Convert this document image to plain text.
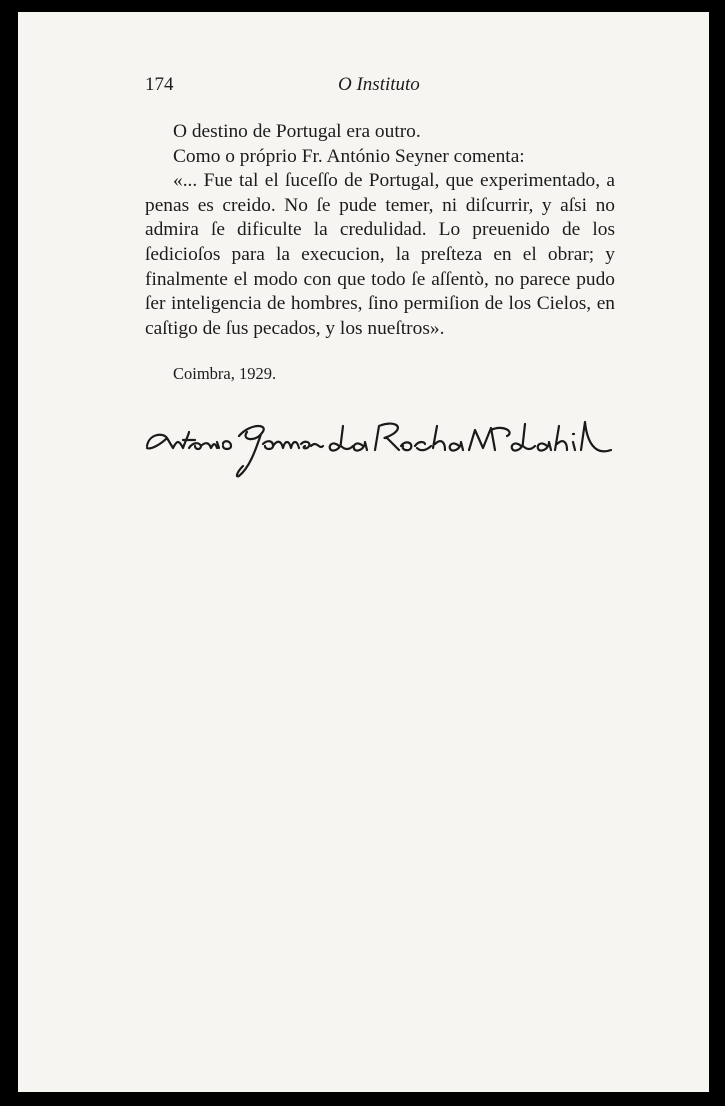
174	O Instituto

O destino de Portugal era outro.

Como o próprio Fr. António Seyner comenta:

«... Fue tal el ſuceſſo de Portugal, que experimentado, a penas es creido. No ſe pude temer, ni diſcurrir, y aſsi no admira ſe dificulte la credulidad. Lo preuenido de los ſedicioſos para la execucion, la preſteza en el obrar; y finalmente el modo con que todo ſe aſſentò, no parece pudo ſer inteligencia de hombres, ſino permiſion de los Cielos, en caſtigo de ſus pecados, y los nueſtros».

Coimbra, 1929.
